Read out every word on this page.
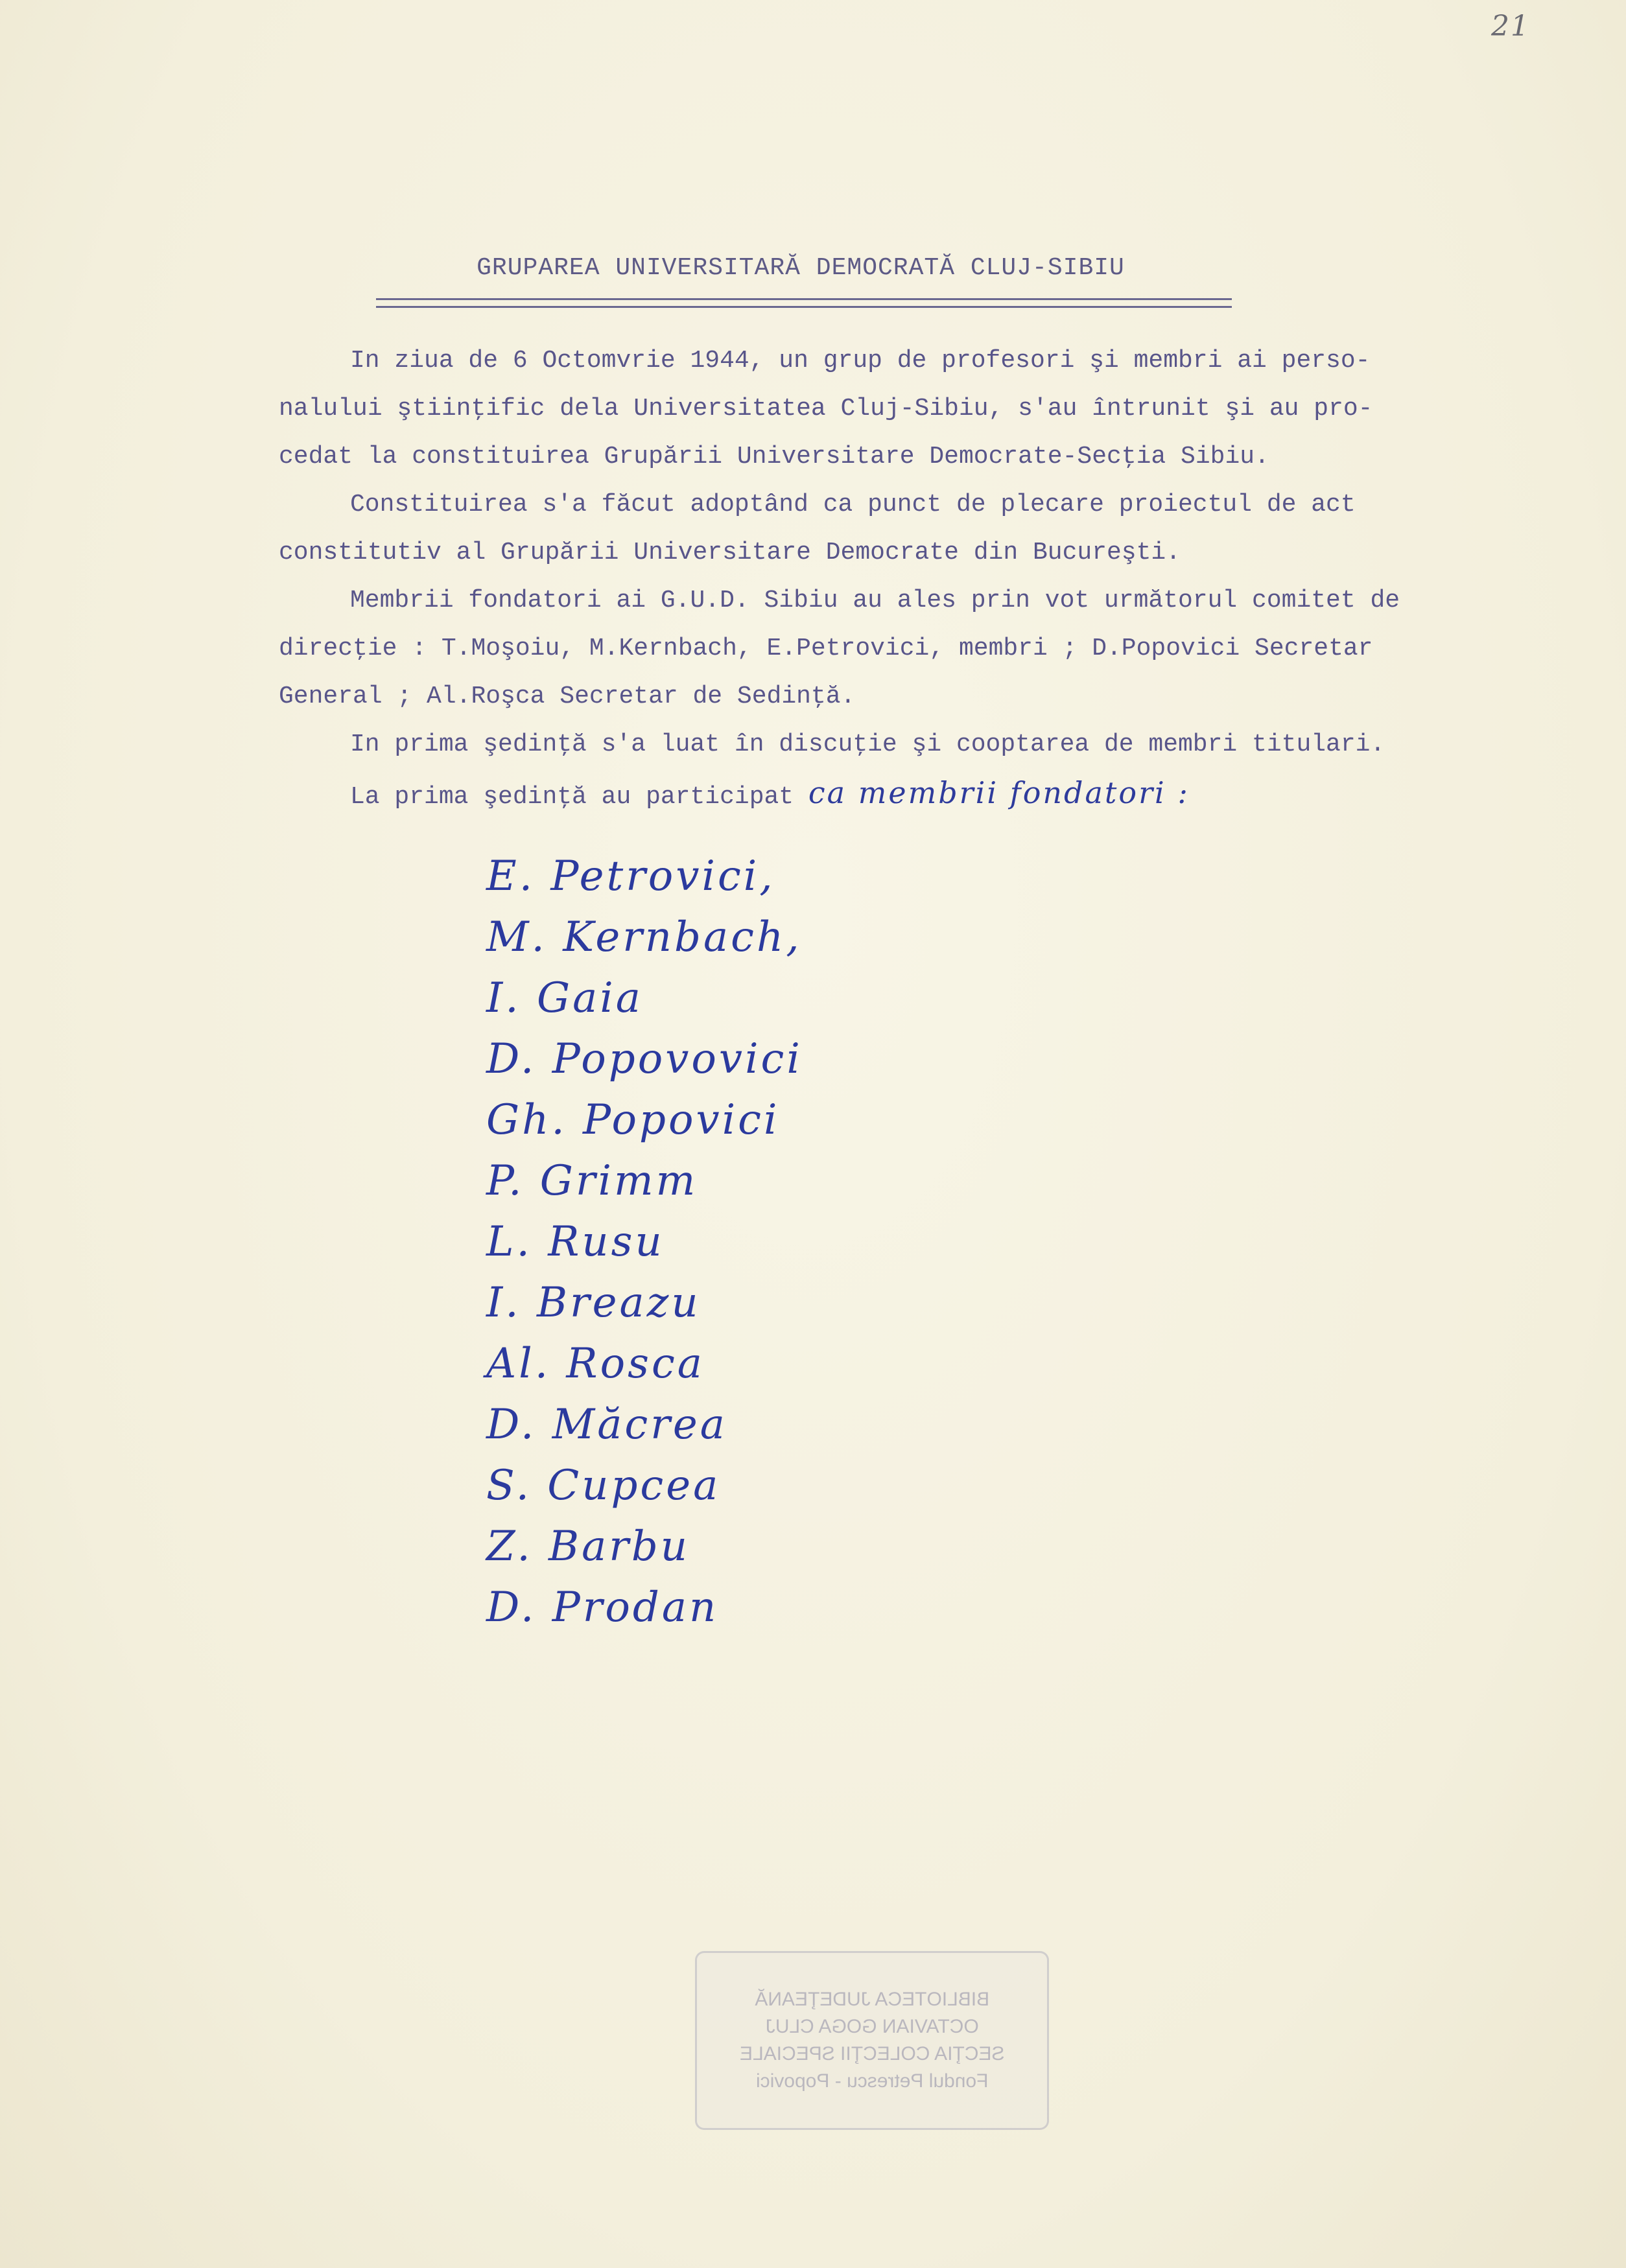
21
GRUPAREA UNIVERSITARĂ DEMOCRATĂ CLUJ-SIBIU

In ziua de 6 Octomvrie 1944, un grup de profesori şi membri ai perso-

nalului ştiinţific dela Universitatea Cluj-Sibiu, s'au întrunit şi au pro-

cedat la constituirea Grupării Universitare Democrate-Secţia Sibiu.

Constituirea s'a făcut adoptând ca punct de plecare proiectul de act

constitutiv al Grupării Universitare Democrate din Bucureşti.

Membrii fondatori ai G.U.D. Sibiu au ales prin vot următorul comitet de

direcţie : T.Moşoiu, M.Kernbach, E.Petrovici, membri ; D.Popovici Secretar

General ; Al.Roşca Secretar de Sedinţă.

In prima şedinţă s'a luat în discuţie şi cooptarea de membri titulari.

La prima şedinţă au participat ca membrii fondatori :

E. Petrovici,
M. Kernbach,
I. Gaia
D. Popovovici
Gh. Popovici
P. Grimm
L. Rusu
I. Breazu
Al. Rosca
D. Măcrea
S. Cupcea
Z. Barbu
D. Prodan
BIBLIOTECA JUDEŢEANĂ
OCTAVIAN GOGA CLUJ
SECŢIA COLECŢII SPECIALE
Fondul Petrescu - Popovici
